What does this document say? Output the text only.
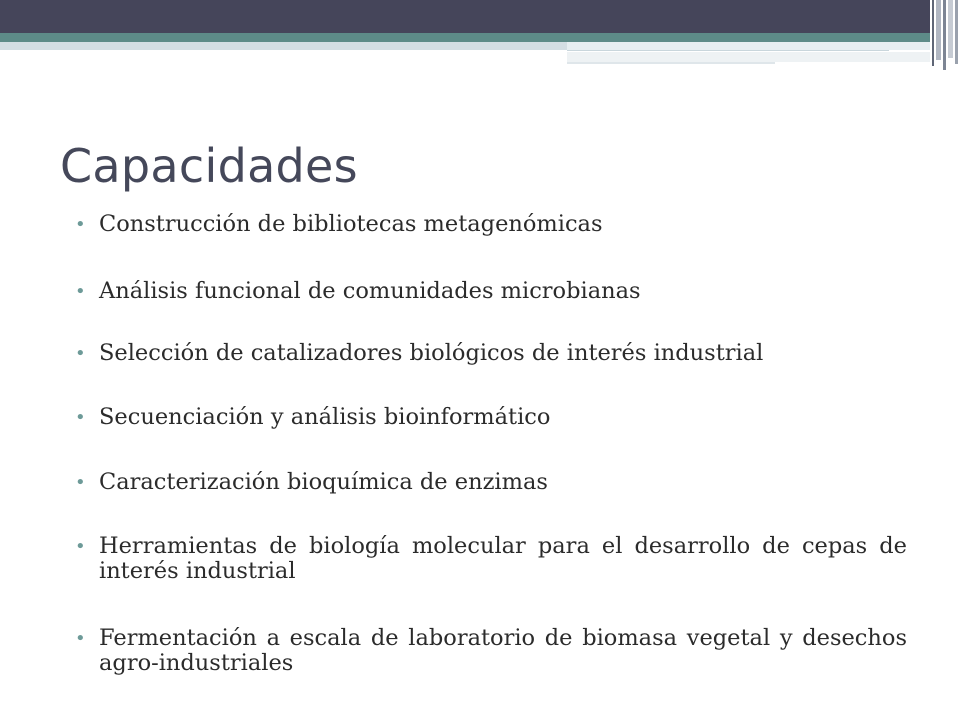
Capacidades
• Construcción de bibliotecas metagenómicas
• Análisis funcional de comunidades microbianas
• Selección de catalizadores biológicos de interés industrial
• Secuenciación y análisis bioinformático
• Caracterización bioquímica de enzimas
• Herramientas de biología molecular para el desarrollo de cepas de interés industrial
• Fermentación a escala de laboratorio de biomasa vegetal y desechos agro-industriales
